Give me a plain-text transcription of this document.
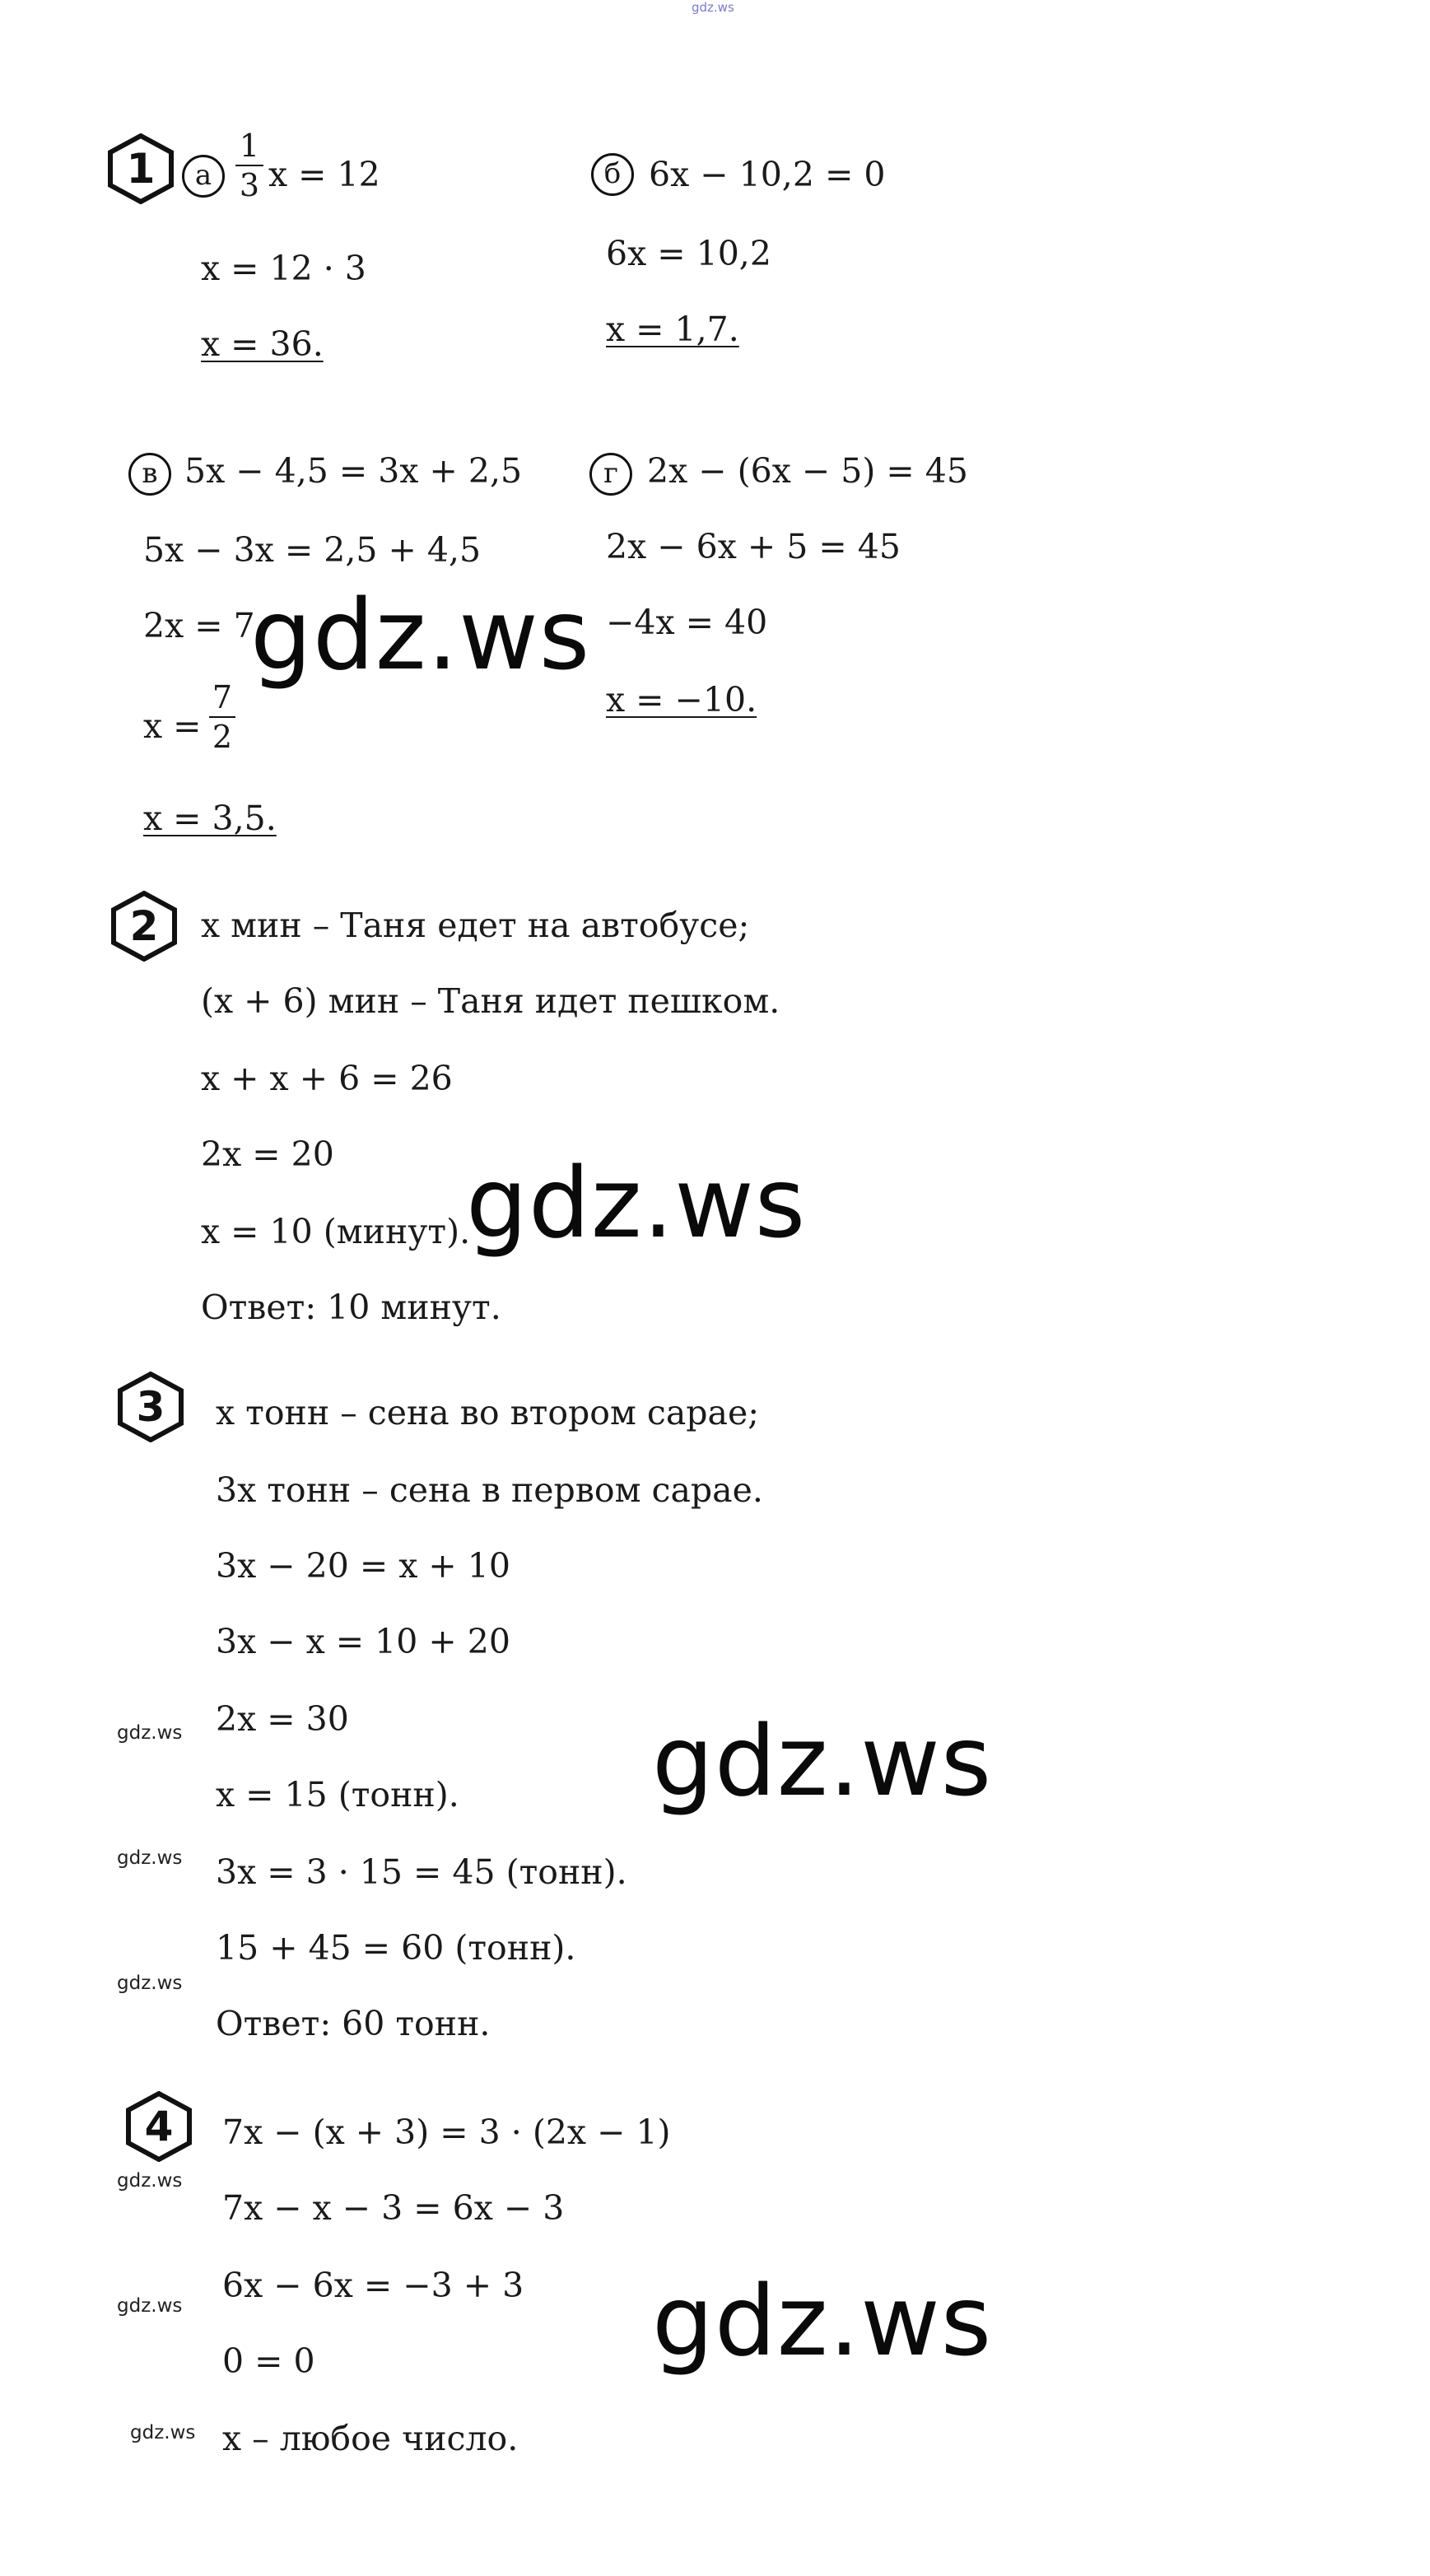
gdz.ws
1	а
1
3 x = 12
x = 12 · 3
x = 36.
б 6x − 10,2 = 0
6x = 10,2
x = 1,7.
в 5x − 4,5 = 3x + 2,5
5x − 3x = 2,5 + 4,5
2x = 7
x =
7
2
x = 3,5.
г 2x − (6x − 5) = 45
2x − 6x + 5 = 45
−4x = 40
x = −10.
gdz.ws
2	x мин – Таня едет на автобусе;
(x + 6) мин – Таня идет пешком.
x + x + 6 = 26
2x = 20
x = 10 (минут).
Ответ: 10 минут.
gdz.ws
3	x тонн – сена во втором сарае;
3x тонн – сена в первом сарае.
3x − 20 = x + 10
3x − x = 10 + 20
2x = 30
x = 15 (тонн).
3x = 3 · 15 = 45 (тонн).
15 + 45 = 60 (тонн).
Ответ: 60 тонн.
gdz.ws
gdz.ws
gdz.ws
gdz.ws
4	7x − (x + 3) = 3 · (2x − 1)
7x − x − 3 = 6x − 3
6x − 6x = −3 + 3
0 = 0
x – любое число.
gdz.ws
gdz.ws
gdz.ws
gdz.ws
